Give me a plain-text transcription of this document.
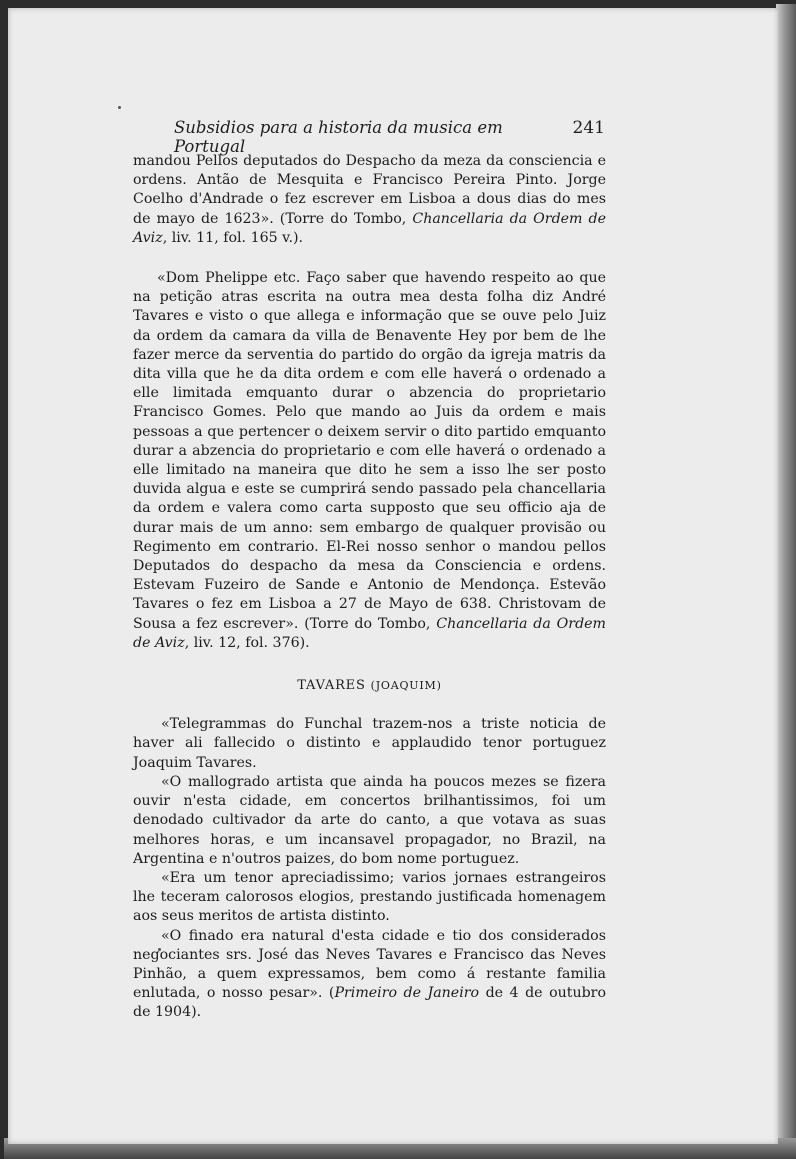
Subsidios para a historia da musica em Portugal
241

mandou Pellos deputados do Despacho da meza da consciencia e ordens. Antão de Mesquita e Francisco Pereira Pinto. Jorge Coelho d'Andrade o fez escrever em Lisboa a dous dias do mes de mayo de 1623». (Torre do Tombo, Chancellaria da Ordem de Aviz, liv. 11, fol. 165 v.).

«Dom Phelippe etc. Faço saber que havendo respeito ao que na petição atras escrita na outra mea desta folha diz André Tavares e visto o que allega e informação que se ouve pelo Juiz da ordem da camara da villa de Benavente Hey por bem de lhe fazer merce da serventia do partido do orgão da igreja matris da dita villa que he da dita ordem e com elle haverá o ordenado a elle limitada emquanto durar o abzencia do proprietario Francisco Gomes. Pelo que mando ao Juis da ordem e mais pessoas a que pertencer o deixem servir o dito partido emquanto durar a abzencia do proprietario e com elle haverá o ordenado a elle limitado na maneira que dito he sem a isso lhe ser posto duvida algua e este se cumprirá sendo passado pela chancellaria da ordem e valera como carta supposto que seu officio aja de durar mais de um anno: sem embargo de qualquer provisão ou Regimento em contrario. El-Rei nosso senhor o mandou pellos Deputados do despacho da mesa da Consciencia e ordens. Estevam Fuzeiro de Sande e Antonio de Mendonça. Estevão Tavares o fez em Lisboa a 27 de Mayo de 638. Christovam de Sousa a fez escrever». (Torre do Tombo, Chancellaria da Ordem de Aviz, liv. 12, fol. 376).

TAVARES (JOAQUIM)

«Telegrammas do Funchal trazem-nos a triste noticia de haver ali fallecido o distinto e applaudido tenor portuguez Joaquim Tavares.

«O mallogrado artista que ainda ha poucos mezes se fizera ouvir n'esta cidade, em concertos brilhantissimos, foi um denodado cultivador da arte do canto, a que votava as suas melhores horas, e um incansavel propagador, no Brazil, na Argentina e n'outros paizes, do bom nome portuguez.

«Era um tenor apreciadissimo; varios jornaes estrangeiros lhe teceram calorosos elogios, prestando justificada homenagem aos seus meritos de artista distinto.

«O finado era natural d'esta cidade e tio dos considerados negociantes srs. José das Neves Tavares e Francisco das Neves Pinhão, a quem expressamos, bem como á restante familia enlutada, o nosso pesar». (Primeiro de Janeiro de 4 de outubro de 1904).
